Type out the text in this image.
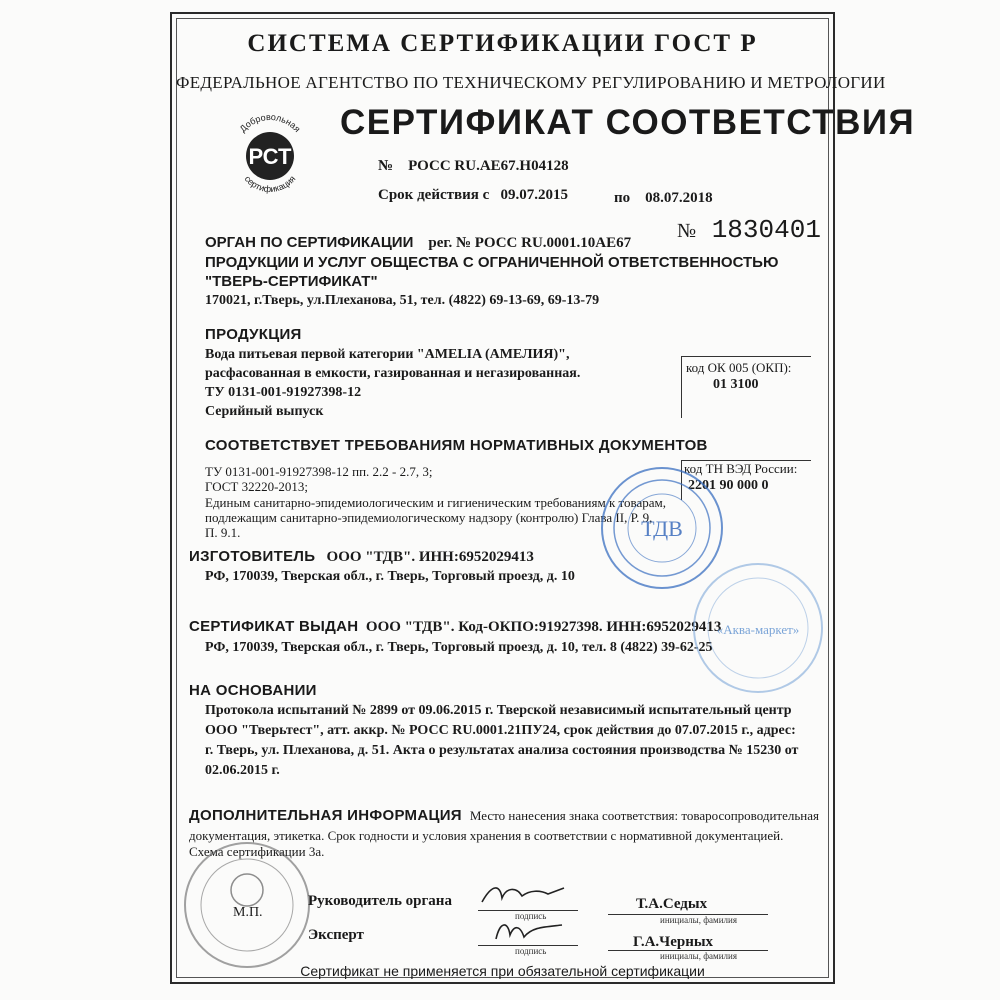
СИСТЕМА СЕРТИФИКАЦИИ ГОСТ Р
ФЕДЕРАЛЬНОЕ АГЕНТСТВО ПО ТЕХНИЧЕСКОМУ РЕГУЛИРОВАНИЮ И МЕТРОЛОГИИ
Добровольная
РСТ
сертификация
СЕРТИФИКАТ СООТВЕТСТВИЯ
№ РОСС RU.АЕ67.Н04128
Срок действия с 09.07.2015	по 08.07.2018
№ 1830401
ОРГАН ПО СЕРТИФИКАЦИИ рег. № РОСС RU.0001.10АЕ67
ПРОДУКЦИИ И УСЛУГ ОБЩЕСТВА С ОГРАНИЧЕННОЙ ОТВЕТСТВЕННОСТЬЮ
"ТВЕРЬ-СЕРТИФИКАТ"
170021, г.Тверь, ул.Плеханова, 51, тел. (4822) 69-13-69, 69-13-79
ПРОДУКЦИЯ
Вода питьевая первой категории "AMELIA (АМЕЛИЯ)",
расфасованная в емкости, газированная и негазированная.
ТУ 0131-001-91927398-12
Серийный выпуск
код ОК 005 (ОКП):
01 3100
СООТВЕТСТВУЕТ ТРЕБОВАНИЯМ НОРМАТИВНЫХ ДОКУМЕНТОВ
ТУ 0131-001-91927398-12 пп. 2.2 - 2.7, 3;
ГОСТ 32220-2013;
Единым санитарно-эпидемиологическим и гигиеническим требованиям к товарам,
подлежащим санитарно-эпидемиологическому надзору (контролю) Глава II, Р. 9,
П. 9.1.
код ТН ВЭД России:
2201 90 000 0
ИЗГОТОВИТЕЛЬ ООО "ТДВ". ИНН:6952029413
РФ, 170039, Тверская обл., г. Тверь, Торговый проезд, д. 10
СЕРТИФИКАТ ВЫДАН ООО "ТДВ". Код-ОКПО:91927398. ИНН:6952029413
РФ, 170039, Тверская обл., г. Тверь, Торговый проезд, д. 10, тел. 8 (4822) 39-62-25
НА ОСНОВАНИИ
Протокола испытаний № 2899 от 09.06.2015 г. Тверской независимый испытательный центр
ООО "Тверьтест", атт. аккр. № РОСС RU.0001.21ПУ24, срок действия до 07.07.2015 г., адрес:
г. Тверь, ул. Плеханова, д. 51. Акта о результатах анализа состояния производства № 15230 от
02.06.2015 г.
ДОПОЛНИТЕЛЬНАЯ ИНФОРМАЦИЯ Место нанесения знака соответствия: товаросопроводительная
документация, этикетка. Срок годности и условия хранения в соответствии с нормативной документацией.
Схема сертификации 3а.
ТДВ
«Аква-маркет»
М.П.
Руководитель органа
подпись
Т.А.Седых
инициалы, фамилия
Эксперт
подпись
Г.А.Черных
инициалы, фамилия
Сертификат не применяется при обязательной сертификации
